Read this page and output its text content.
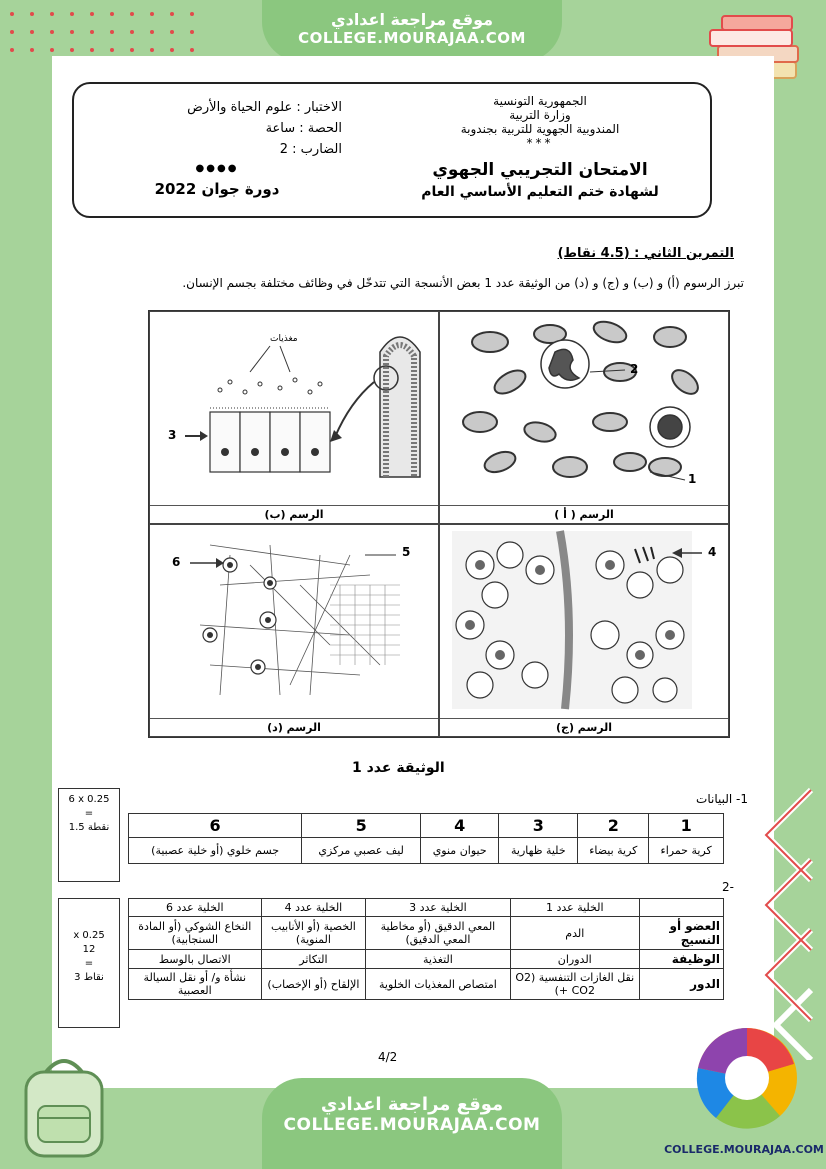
موقع مراجعة اعدادي
COLLEGE.MOURAJAA.COM
الجمهورية التونسية
وزارة التربية
المندوبية الجهوية للتربية بجندوبة
***
الامتحان التجريبي الجهوي
لشهادة ختم التعليم الأساسي العام
الاختبار : علوم الحياة والأرض
الحصة : ساعة
الضارب : 2
●●●●
دورة جوان 2022
التمرين الثاني : (4.5 نقاط)
تبرز الرسوم (أ) و (ب) و (ج) و (د) من الوثيقة عدد 1 بعض الأنسجة التي تتدخّل في وظائف مختلفة بجسم الإنسان.
2
1
الرسم ( أ )
مغذيات
3
الرسم (ب)
4
الرسم (ج)
6
5
الرسم (د)
الوثيقة عدد 1
6 x 0.25
=
1.5 نقطة
1- البيانات
1	2	3	4	5	6
كرية حمراء	كرية بيضاء	خلية ظهارية	حيوان منوي	ليف عصبي مركزي	جسم خلوي (أو خلية عصبية)
-2
x 0.25
12
=
3 نقاط
	الخلية عدد 1	الخلية عدد 3	الخلية عدد 4	الخلية عدد 6
العضو أو النسيج	الدم	المعي الدقيق (أو مخاطية المعي الدقيق)	الخصية (أو الأنابيب المنوية)	النخاع الشوكي (أو المادة السنجابية)
الوظيفة	الدوران	التغذية	التكاثر	الاتصال بالوسط
الدور	نقل الغازات التنفسية (O2 + CO2)	امتصاص المغذيات الخلوية	الإلقاح (أو الإخصاب)	نشأة و/ أو نقل السيالة العصبية
4/2
موقع مراجعة اعدادي
COLLEGE.MOURAJAA.COM
COLLEGE.MOURAJAA.COM
